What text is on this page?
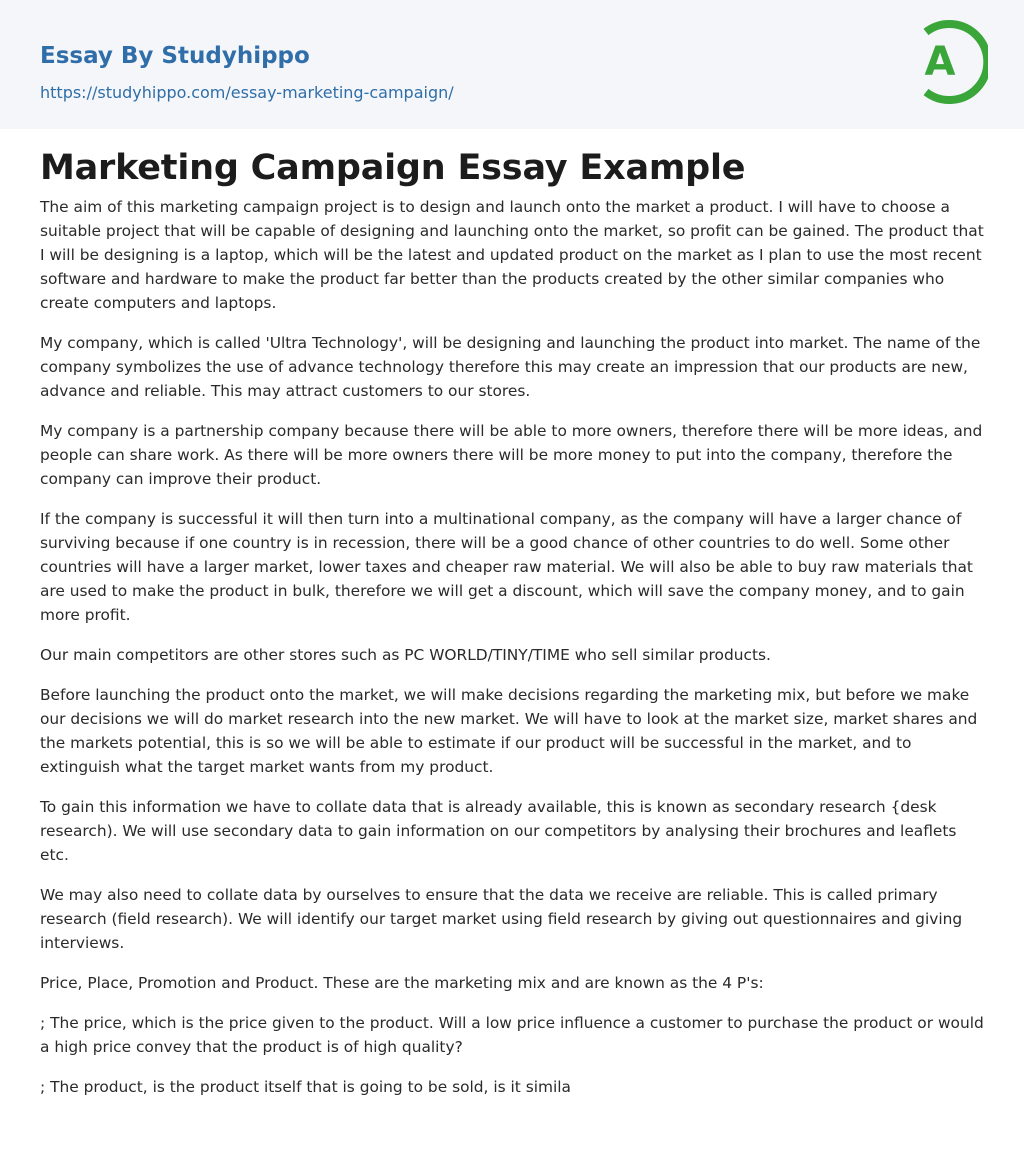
Essay By Studyhippo
https://studyhippo.com/essay-marketing-campaign/
A
Marketing Campaign Essay Example

The aim of this marketing campaign project is to design and launch onto the market a product. I will have to choose a suitable project that will be capable of designing and launching onto the market, so profit can be gained. The product that I will be designing is a laptop, which will be the latest and updated product on the market as I plan to use the most recent software and hardware to make the product far better than the products created by the other similar companies who create computers and laptops.

My company, which is called 'Ultra Technology', will be designing and launching the product into market. The name of the company symbolizes the use of advance technology therefore this may create an impression that our products are new, advance and reliable. This may attract customers to our stores.

My company is a partnership company because there will be able to more owners, therefore there will be more ideas, and people can share work. As there will be more owners there will be more money to put into the company, therefore the company can improve their product.

If the company is successful it will then turn into a multinational company, as the company will have a larger chance of surviving because if one country is in recession, there will be a good chance of other countries to do well. Some other countries will have a larger market, lower taxes and cheaper raw material. We will also be able to buy raw materials that are used to make the product in bulk, therefore we will get a discount, which will save the company money, and to gain more profit.

Our main competitors are other stores such as PC WORLD/TINY/TIME who sell similar products.

Before launching the product onto the market, we will make decisions regarding the marketing mix, but before we make our decisions we will do market research into the new market. We will have to look at the market size, market shares and the markets potential, this is so we will be able to estimate if our product will be successful in the market, and to extinguish what the target market wants from my product.

To gain this information we have to collate data that is already available, this is known as secondary research {desk research). We will use secondary data to gain information on our competitors by analysing their brochures and leaflets etc.

We may also need to collate data by ourselves to ensure that the data we receive are reliable. This is called primary research (field research). We will identify our target market using field research by giving out questionnaires and giving interviews.

Price, Place, Promotion and Product. These are the marketing mix and are known as the 4 P's:

; The price, which is the price given to the product. Will a low price influence a customer to purchase the product or would a high price convey that the product is of high quality?

; The product, is the product itself that is going to be sold, is it simila
